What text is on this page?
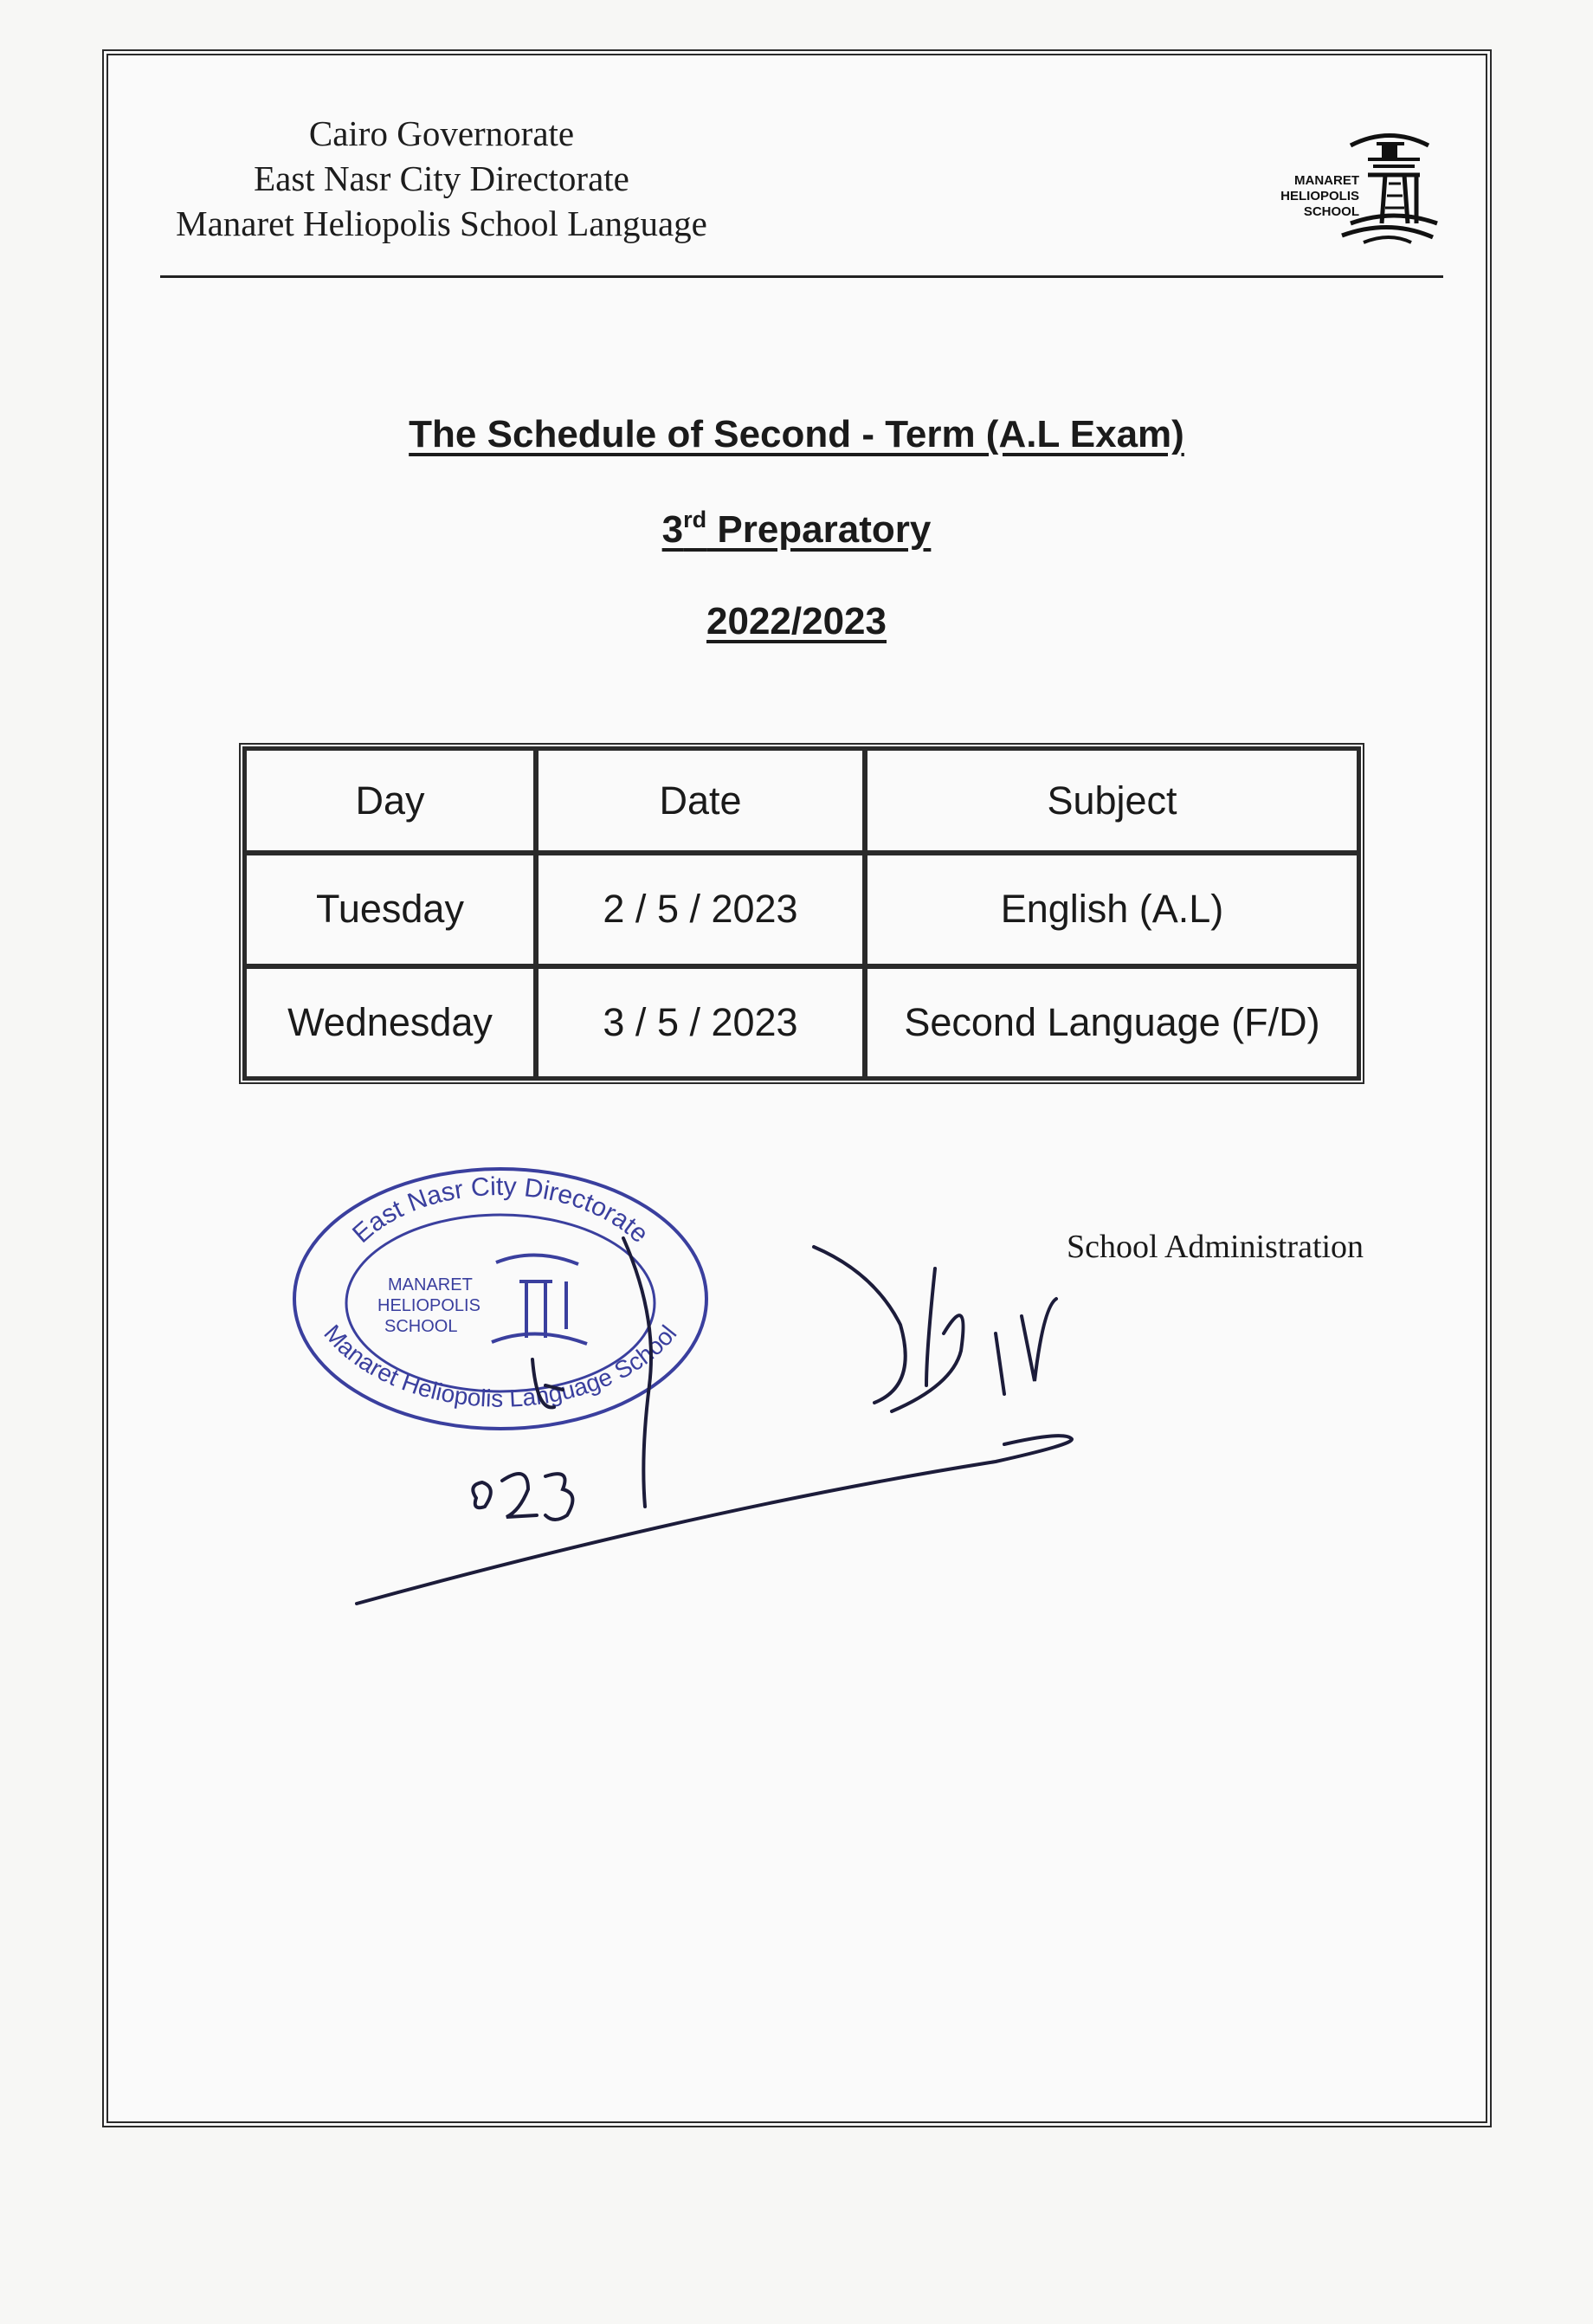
Cairo Governorate
East Nasr City Directorate
Manaret Heliopolis School Language
MANARET
HELIOPOLIS
SCHOOL
The Schedule of Second - Term (A.L Exam)
3rd Preparatory
2022/2023
Day	Date	Subject
Tuesday	2 / 5 / 2023	English (A.L)
Wednesday	3 / 5 / 2023	Second Language (F/D)
School Administration
East Nasr City Directorate
Manaret Heliopolis Language School
MANARET
HELIOPOLIS
SCHOOL
